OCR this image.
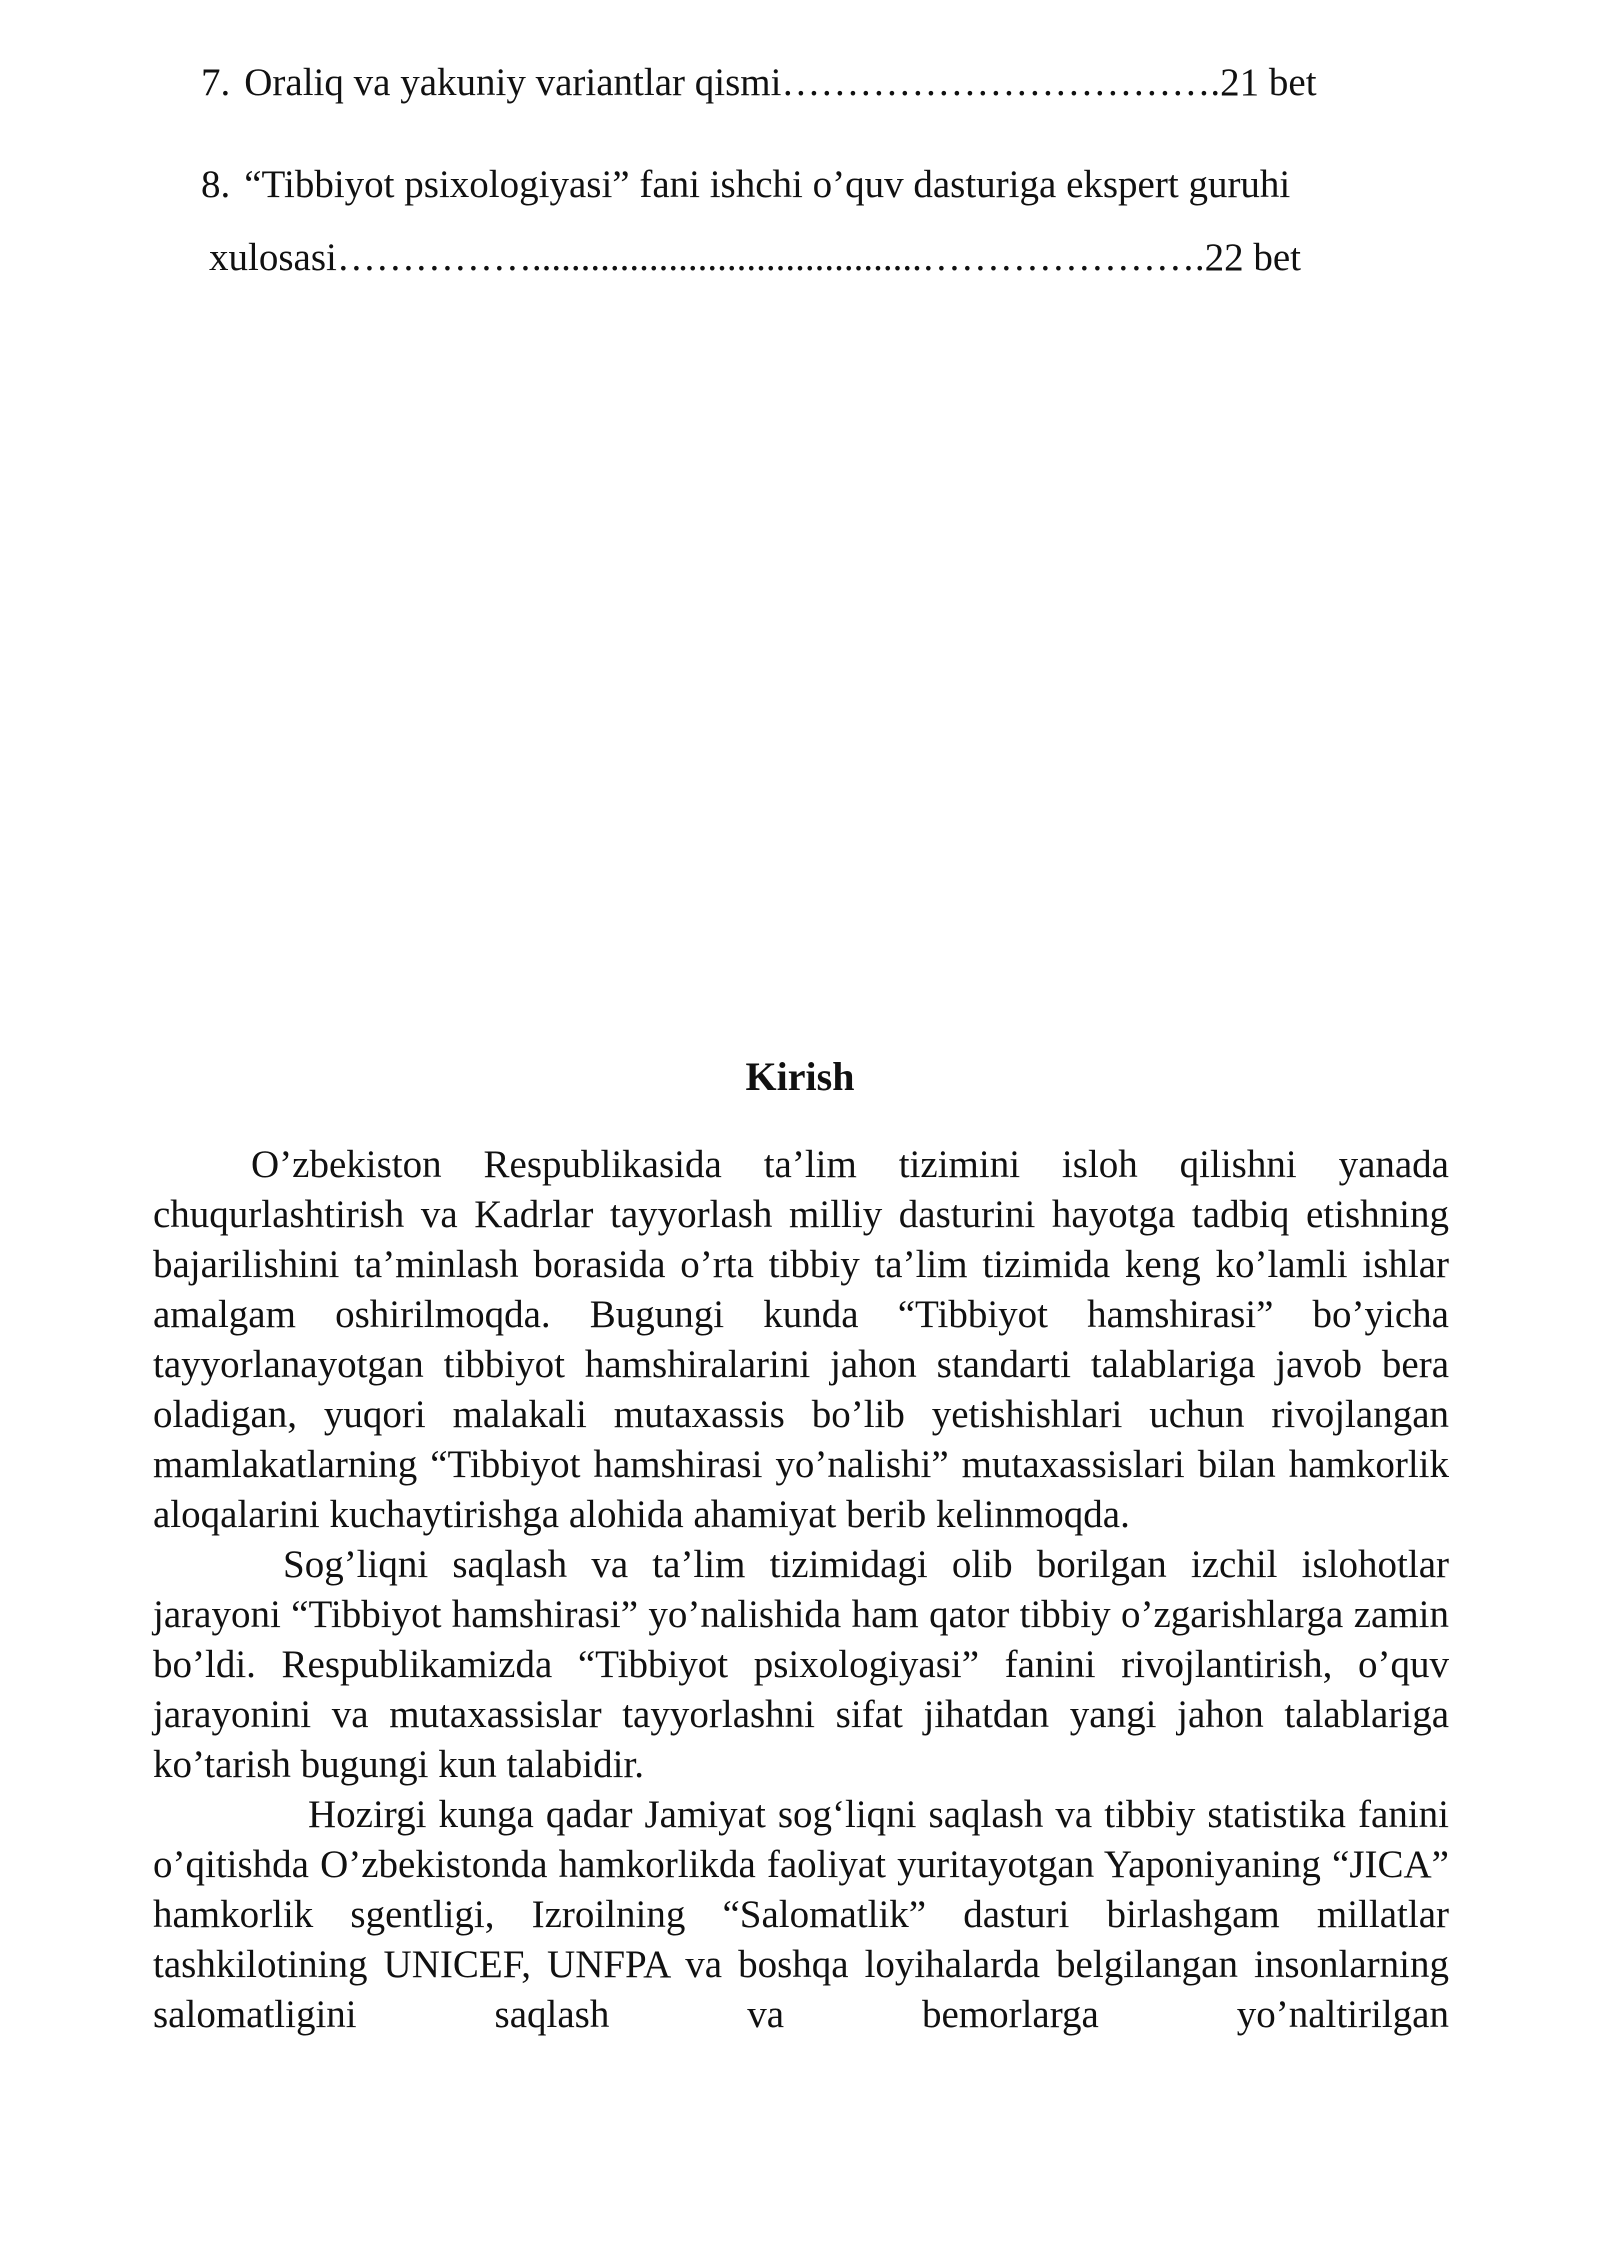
7. Oraliq va yakuniy variantlar qismi…………………………….21 bet
8. “Tibbiyot psixologiyasi” fani ishchi o’quv dasturiga ekspert guruhi
xulosasi……………........................................………………….22 bet
Kirish

O’zbekiston Respublikasida ta’lim tizimini isloh qilishni yanada chuqurlashtirish va Kadrlar tayyorlash milliy dasturini hayotga tadbiq etishning bajarilishini ta’minlash borasida o’rta tibbiy ta’lim tizimida keng ko’lamli ishlar amalgam oshirilmoqda. Bugungi kunda “Tibbiyot hamshirasi” bo’yicha tayyorlanayotgan tibbiyot hamshiralarini jahon standarti talablariga javob bera oladigan, yuqori malakali mutaxassis bo’lib yetishishlari uchun rivojlangan mamlakatlarning “Tibbiyot hamshirasi yo’nalishi” mutaxassislari bilan hamkorlik aloqalarini kuchaytirishga alohida ahamiyat berib kelinmoqda.

Sog’liqni saqlash va ta’lim tizimidagi olib borilgan izchil islohotlar jarayoni “Tibbiyot hamshirasi” yo’nalishida ham qator tibbiy o’zgarishlarga zamin bo’ldi. Respublikamizda “Tibbiyot psixologiyasi” fanini rivojlantirish, o’quv jarayonini va mutaxassislar tayyorlashni sifat jihatdan yangi jahon talablariga ko’tarish bugungi kun talabidir.

Hozirgi kunga qadar Jamiyat sog‘liqni saqlash va tibbiy statistika fanini o’qitishda O’zbekistonda hamkorlikda faoliyat yuritayotgan Yaponiyaning “JICA” hamkorlik sgentligi, Izroilning “Salomatlik” dasturi birlashgam millatlar tashkilotining UNICEF, UNFPA va boshqa loyihalarda belgilangan insonlarning salomatligini saqlash va bemorlarga yo’naltirilgan
